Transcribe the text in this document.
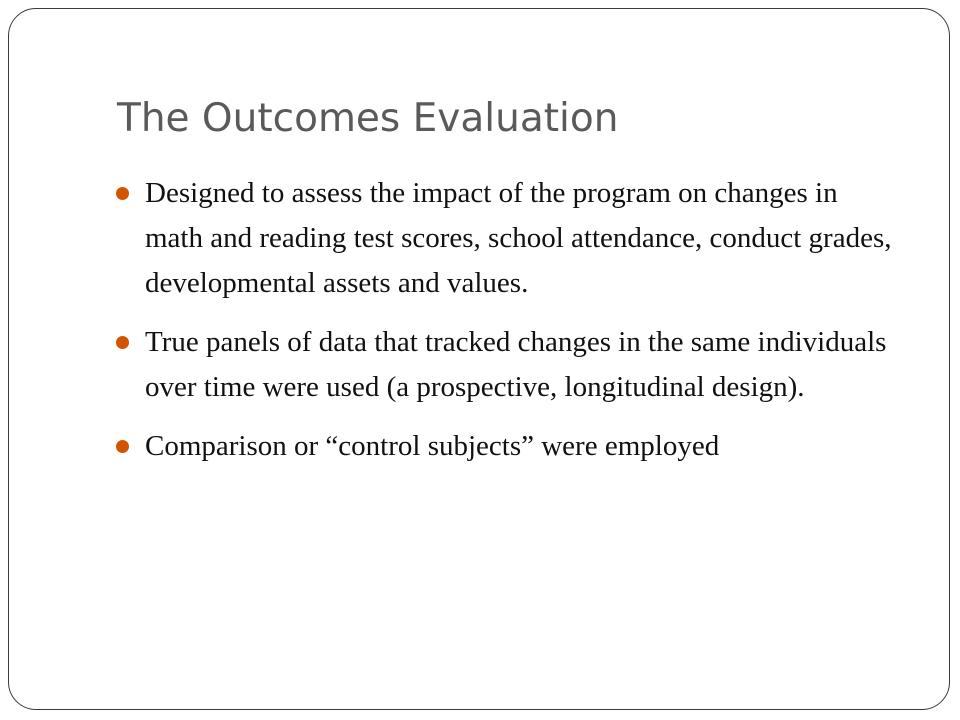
The Outcomes Evaluation
Designed to assess the impact of the program on changes in math and reading test scores, school attendance, conduct grades, developmental assets and values.
True panels of data that tracked changes in the same individuals over time were used (a prospective, longitudinal design).
Comparison or “control subjects” were employed
